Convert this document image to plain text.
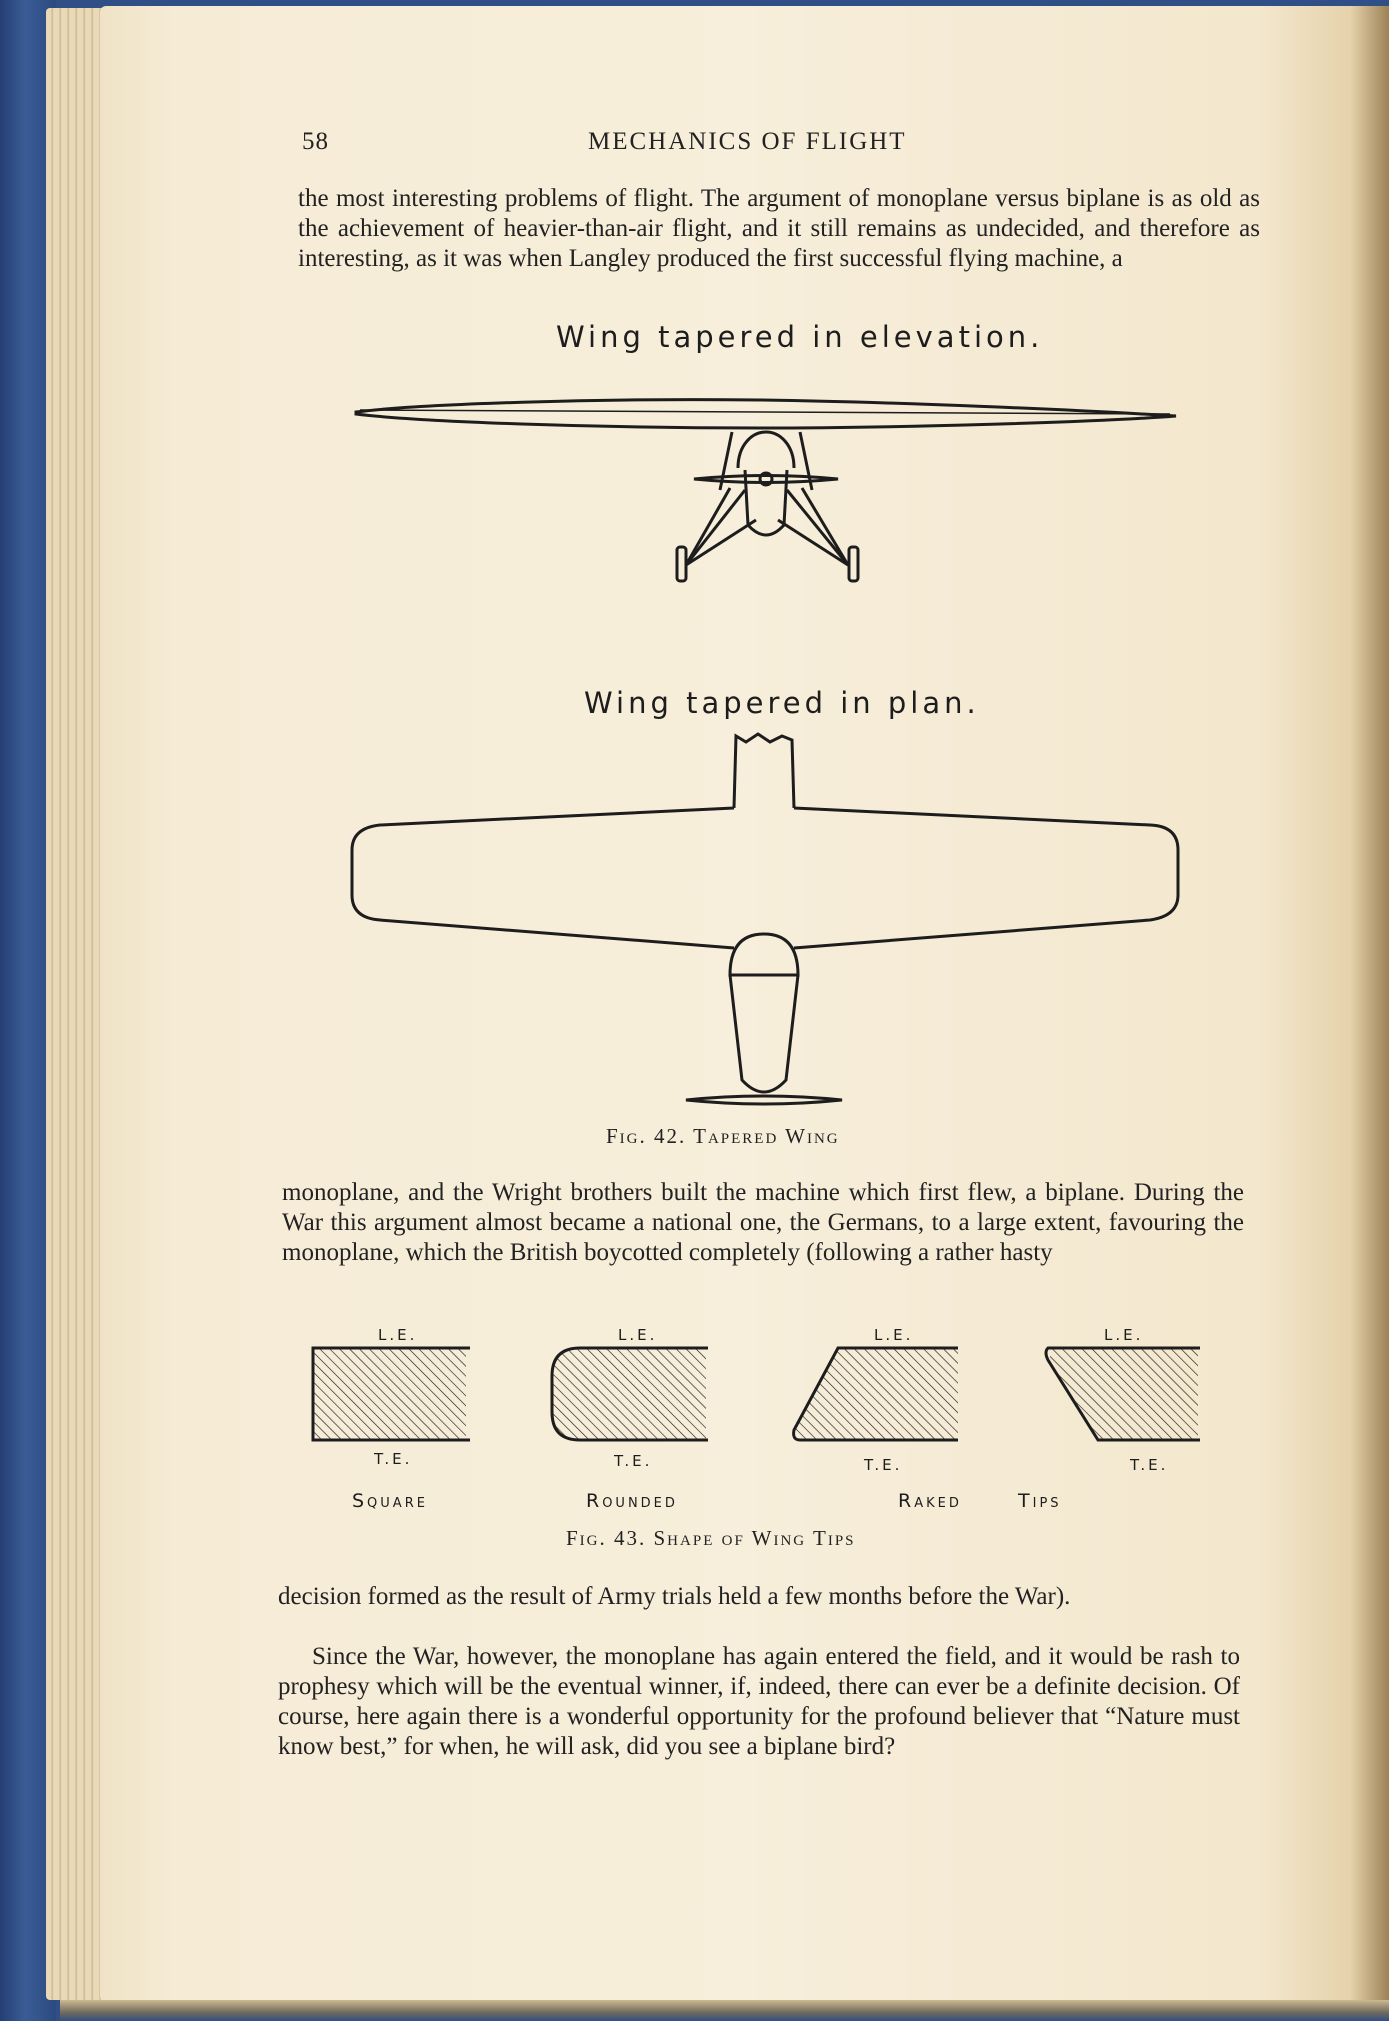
58	MECHANICS OF FLIGHT

the most interesting problems of flight. The argument of monoplane versus biplane is as old as the achievement of heavier-than-air flight, and it still remains as undecided, and therefore as interesting, as it was when Langley produced the first successful flying machine, a

Wing tapered in elevation.
Wing tapered in plan.
Fig. 42. Tapered Wing

monoplane, and the Wright brothers built the machine which first flew, a biplane. During the War this argument almost became a national one, the Germans, to a large extent, favouring the monoplane, which the British boycotted completely (following a rather hasty

L.E.	L.E.	L.E.	L.E.
T.E.	T.E.	T.E.	T.E.
Square	Rounded	Raked	Tips
Fig. 43. Shape of Wing Tips

decision formed as the result of Army trials held a few months before the War).

Since the War, however, the monoplane has again entered the field, and it would be rash to prophesy which will be the eventual winner, if, indeed, there can ever be a definite decision. Of course, here again there is a wonderful opportunity for the profound believer that “Nature must know best,” for when, he will ask, did you see a biplane bird?
